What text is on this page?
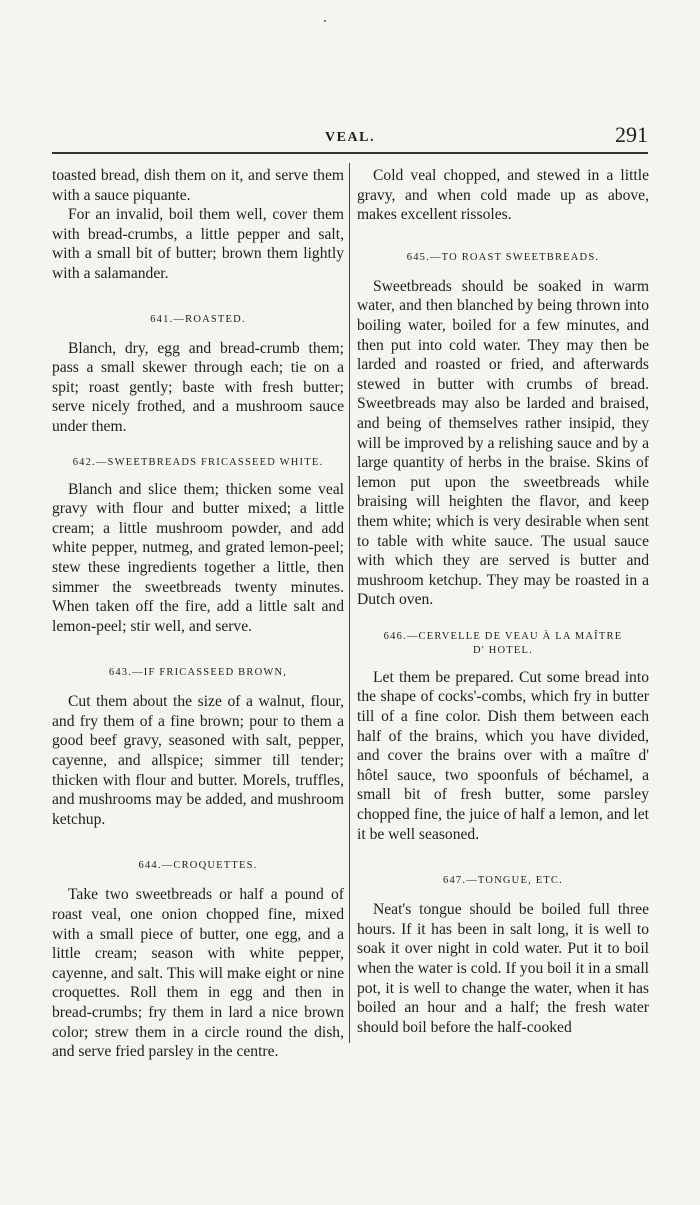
VEAL.	291

toasted bread, dish them on it, and serve them with a sauce piquante.

For an invalid, boil them well, cover them with bread-crumbs, a little pepper and salt, with a small bit of butter; brown them lightly with a salamander.

641.—ROASTED.

Blanch, dry, egg and bread-crumb them; pass a small skewer through each; tie on a spit; roast gently; baste with fresh butter; serve nicely frothed, and a mushroom sauce under them.

642.—SWEETBREADS FRICASSEED WHITE.

Blanch and slice them; thicken some veal gravy with flour and butter mixed; a little cream; a little mushroom powder, and add white pepper, nutmeg, and grated lemon-peel; stew these ingredients together a little, then simmer the sweetbreads twenty minutes. When taken off the fire, add a little salt and lemon-peel; stir well, and serve.

643.—IF FRICASSEED BROWN,

Cut them about the size of a walnut, flour, and fry them of a fine brown; pour to them a good beef gravy, seasoned with salt, pepper, cayenne, and allspice; simmer till tender; thicken with flour and butter. Morels, truffles, and mushrooms may be added, and mushroom ketchup.

644.—CROQUETTES.

Take two sweetbreads or half a pound of roast veal, one onion chopped fine, mixed with a small piece of butter, one egg, and a little cream; season with white pepper, cayenne, and salt. This will make eight or nine croquettes. Roll them in egg and then in bread-crumbs; fry them in lard a nice brown color; strew them in a circle round the dish, and serve fried parsley in the centre.

Cold veal chopped, and stewed in a little gravy, and when cold made up as above, makes excellent rissoles.

645.—TO ROAST SWEETBREADS.

Sweetbreads should be soaked in warm water, and then blanched by being thrown into boiling water, boiled for a few minutes, and then put into cold water. They may then be larded and roasted or fried, and afterwards stewed in butter with crumbs of bread. Sweetbreads may also be larded and braised, and being of themselves rather insipid, they will be improved by a relishing sauce and by a large quantity of herbs in the braise. Skins of lemon put upon the sweetbreads while braising will heighten the flavor, and keep them white; which is very desirable when sent to table with white sauce. The usual sauce with which they are served is butter and mushroom ketchup. They may be roasted in a Dutch oven.

646.—CERVELLE DE VEAU À LA MAÎTRE
D' HOTEL.

Let them be prepared. Cut some bread into the shape of cocks'-combs, which fry in butter till of a fine color. Dish them between each half of the brains, which you have divided, and cover the brains over with a maître d' hôtel sauce, two spoonfuls of béchamel, a small bit of fresh butter, some parsley chopped fine, the juice of half a lemon, and let it be well seasoned.

647.—TONGUE, ETC.

Neat's tongue should be boiled full three hours. If it has been in salt long, it is well to soak it over night in cold water. Put it to boil when the water is cold. If you boil it in a small pot, it is well to change the water, when it has boiled an hour and a half; the fresh water should boil before the half-cooked
